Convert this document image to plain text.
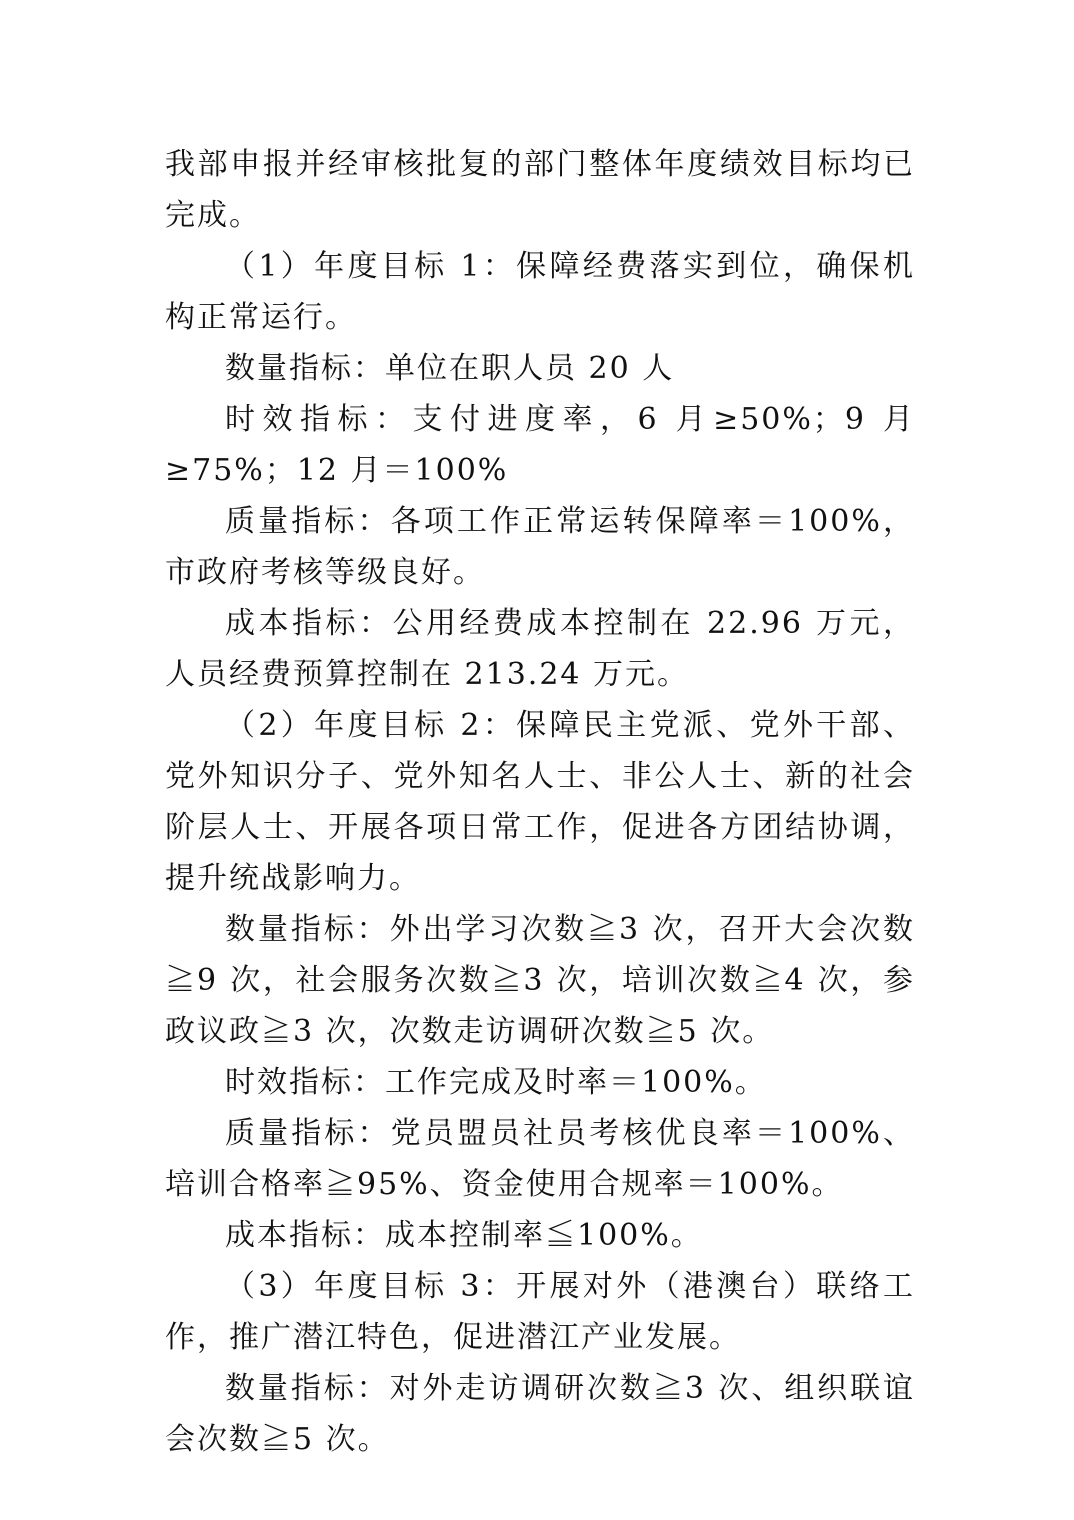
我部申报并经审核批复的部门整体年度绩效目标均已完成。

（1）年度目标 1：保障经费落实到位，确保机构正常运行。

数量指标：单位在职人员 20 人

时效指标：支付进度率，6 月≥50%；9 月≥75%；12 月＝100%

质量指标：各项工作正常运转保障率＝100%，市政府考核等级良好。

成本指标：公用经费成本控制在 22.96 万元，人员经费预算控制在 213.24 万元。

（2）年度目标 2：保障民主党派、党外干部、党外知识分子、党外知名人士、非公人士、新的社会阶层人士、开展各项日常工作，促进各方团结协调，提升统战影响力。

数量指标：外出学习次数≧3 次，召开大会次数≧9 次，社会服务次数≧3 次，培训次数≧4 次，参政议政≧3 次，次数走访调研次数≧5 次。

时效指标：工作完成及时率＝100%。

质量指标：党员盟员社员考核优良率＝100%、培训合格率≧95%、资金使用合规率＝100%。

成本指标：成本控制率≦100%。

（3）年度目标 3：开展对外（港澳台）联络工作，推广潜江特色，促进潜江产业发展。

数量指标：对外走访调研次数≧3 次、组织联谊会次数≧5 次。
